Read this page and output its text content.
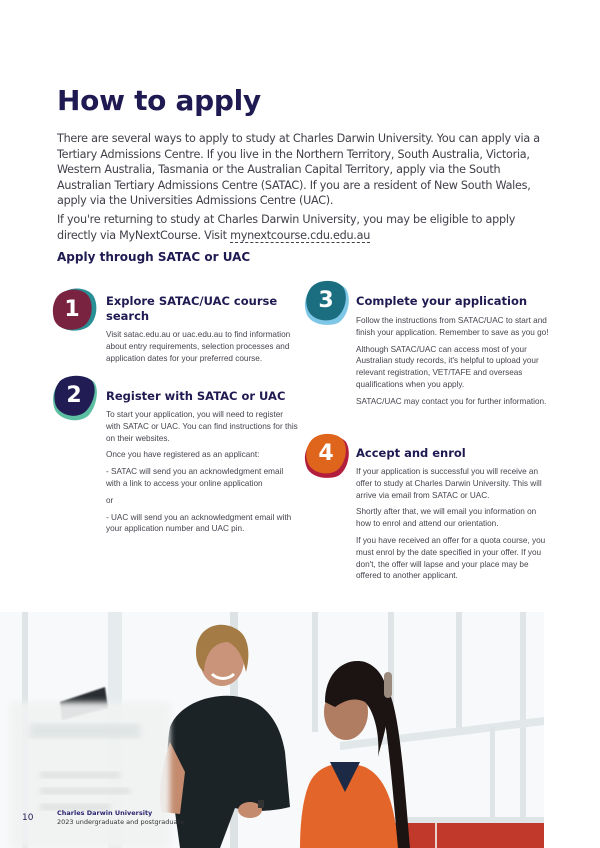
How to apply

There are several ways to apply to study at Charles Darwin University. You can apply via a Tertiary Admissions Centre. If you live in the Northern Territory, South Australia, Victoria, Western Australia, Tasmania or the Australian Capital Territory, apply via the South Australian Tertiary Admissions Centre (SATAC). If you are a resident of New South Wales, apply via the Universities Admissions Centre (UAC).

If you're returning to study at Charles Darwin University, you may be eligible to apply directly via MyNextCourse. Visit mynextcourse.cdu.edu.au

Apply through SATAC or UAC
1	Explore SATAC/UAC course search

Visit satac.edu.au or uac.edu.au to find information about entry requirements, selection processes and application dates for your preferred course.

2	Register with SATAC or UAC

To start your application, you will need to register with SATAC or UAC. You can find instructions for this on their websites.

Once you have registered as an applicant:

- SATAC will send you an acknowledgment email with a link to access your online application

or

- UAC will send you an acknowledgment email with your application number and UAC pin.

3	Complete your application

Follow the instructions from SATAC/UAC to start and finish your application. Remember to save as you go!

Although SATAC/UAC can access most of your Australian study records, it's helpful to upload your relevant registration, VET/TAFE and overseas qualifications when you apply.

SATAC/UAC may contact you for further information.

4	Accept and enrol

If your application is successful you will receive an offer to study at Charles Darwin University. This will arrive via email from SATAC or UAC.

Shortly after that, we will email you information on how to enrol and attend our orientation.

If you have received an offer for a quota course, you must enrol by the date specified in your offer. If you don't, the offer will lapse and your place may be offered to another applicant.

10	Charles Darwin University
2023 undergraduate and postgraduate
